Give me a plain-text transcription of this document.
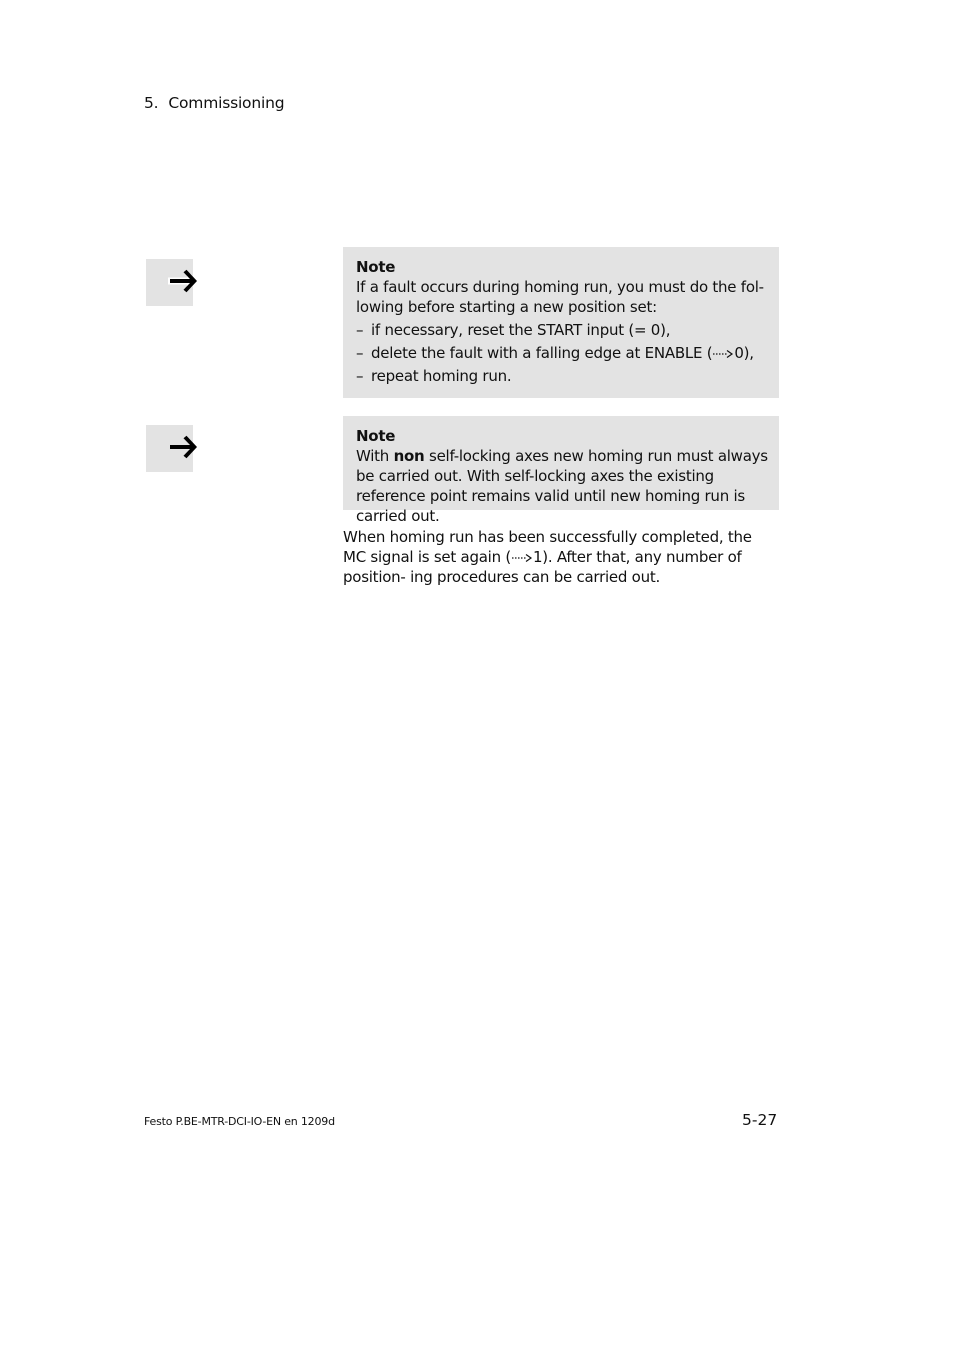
5. Commissioning
Note
If a fault occurs during homing run, you must do the fol- lowing before starting a new position set:
– if necessary, reset the START input (= 0),
– delete the fault with a falling edge at ENABLE ( 0),
– repeat homing run.
Note
With non self-locking axes new homing run must always be carried out. With self-locking axes the existing reference point remains valid until new homing run is carried out.
When homing run has been successfully completed, the MC signal is set again ( 1). After that, any number of position- ing procedures can be carried out.
Festo P.BE-MTR-DCI-IO-EN en 1209d	5-27
